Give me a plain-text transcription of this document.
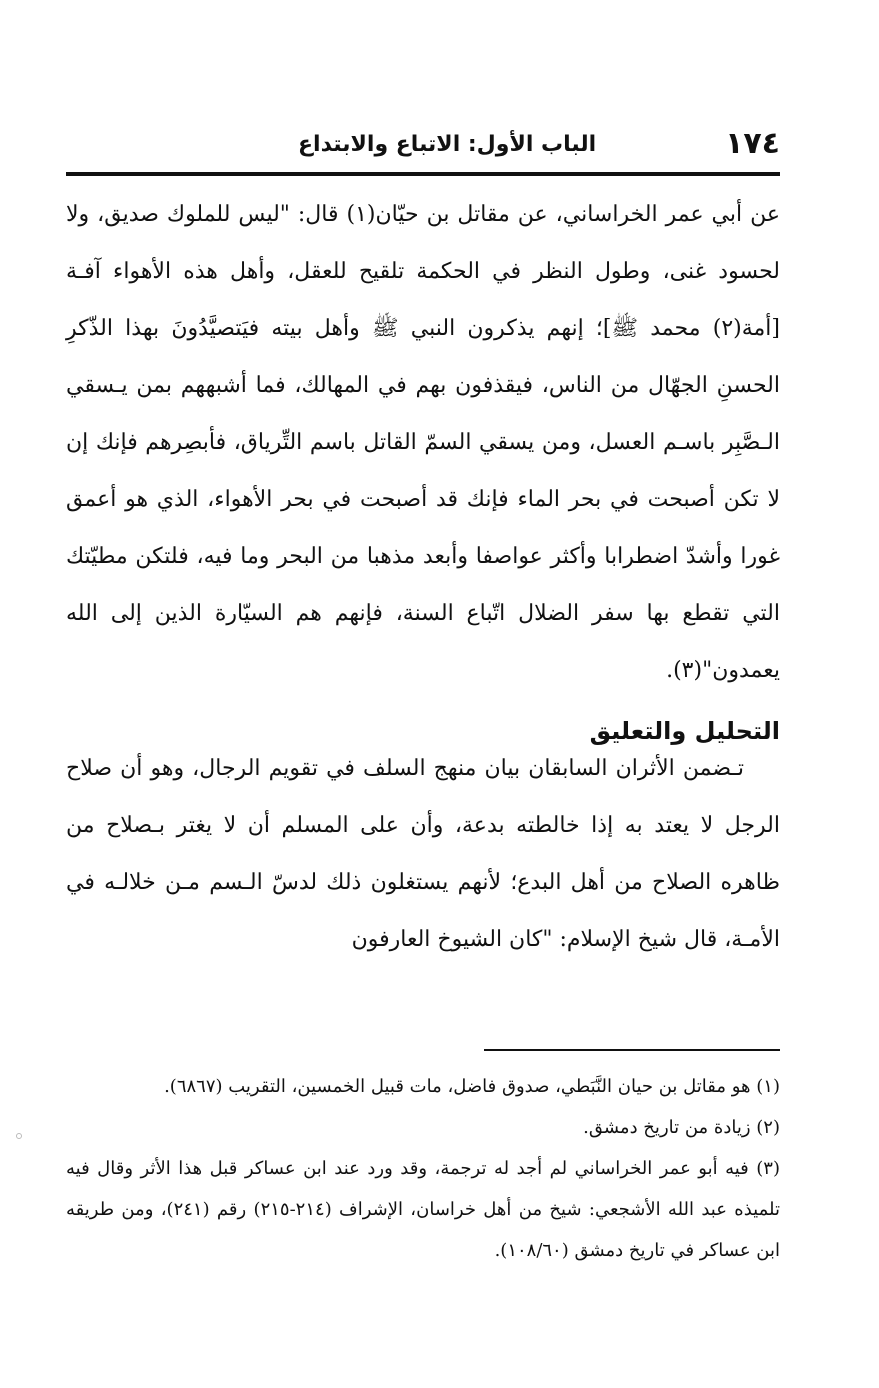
١٧٤
الباب الأول: الاتباع والابتداع

عن أبي عمر الخراساني، عن مقاتل بن حيّان(١) قال: "ليس للملوك صديق، ولا لحسود غنى، وطول النظر في الحكمة تلقيح للعقل، وأهل هذه الأهواء آفـة [أمة(٢) محمد ﷺ]؛ إنهم يذكرون النبي ﷺ وأهل بيته فيَتصيَّدُونَ بهذا الذّكرِ الحسنِ الجهّال من الناس، فيقذفون بهم في المهالك، فما أشبههم بمن يـسقي الـصَّبِر باسـم العسل، ومن يسقي السمّ القاتل باسم التِّرياق، فأبصِرهم فإنك إن لا تكن أصبحت في بحر الماء فإنك قد أصبحت في بحر الأهواء، الذي هو أعمق غورا وأشدّ اضطرابا وأكثر عواصفا وأبعد مذهبا من البحر وما فيه، فلتكن مطيّتك التي تقطع بها سفر الضلال اتّباع السنة، فإنهم هم السيّارة الذين إلى الله يعمدون"(٣).

التحليل والتعليق

تـضمن الأثران السابقان بيان منهج السلف في تقويم الرجال، وهو أن صلاح الرجل لا يعتد به إذا خالطته بدعة، وأن على المسلم أن لا يغتر بـصلاح من ظاهره الصلاح من أهل البدع؛ لأنهم يستغلون ذلك لدسّ الـسم مـن خلالـه في الأمـة، قال شيخ الإسلام: "كان الشيوخ العارفون

(١) هو مقاتل بن حيان النَّبَطي، صدوق فاضل، مات قبيل الخمسين، التقريب (٦٨٦٧).

(٢) زيادة من تاريخ دمشق.

(٣) فيه أبو عمر الخراساني لم أجد له ترجمة، وقد ورد عند ابن عساكر قبل هذا الأثر وقال فيه تلميذه عبد الله الأشجعي: شيخ من أهل خراسان، الإشراف (٢١٤-٢١٥) رقم (٢٤١)، ومن طريقه ابن عساكر في تاريخ دمشق (١٠٨/٦٠).
